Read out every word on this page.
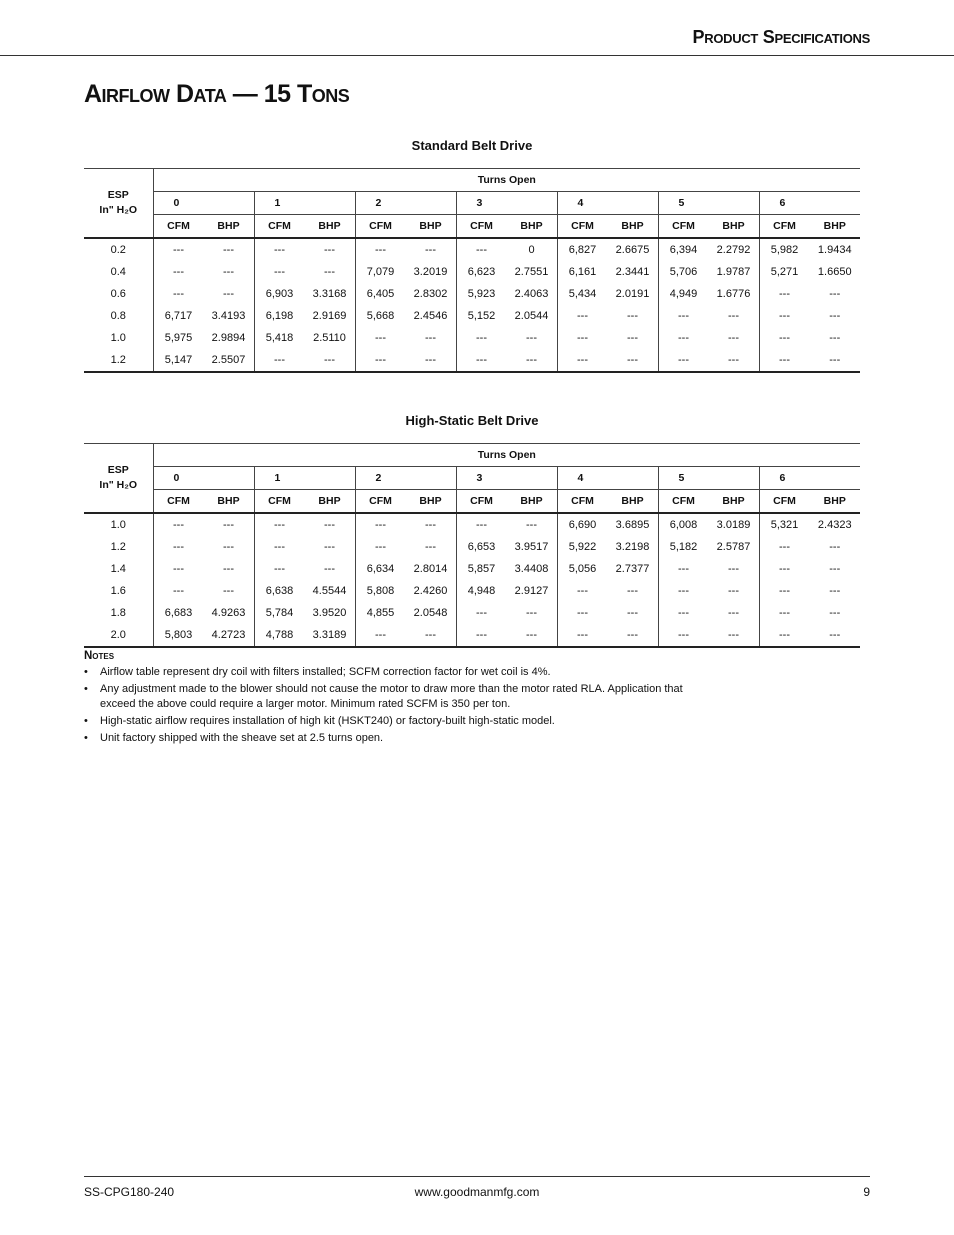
Product Specifications
Airflow Data — 15 Tons
Standard Belt Drive
ESP
In" H₂O	Turns Open													
	0		1		2		3		4		5		6	
	CFM	BHP	CFM	BHP	CFM	BHP	CFM	BHP	CFM	BHP	CFM	BHP	CFM	BHP
0.2	---	---	---	---	---	---	---	0	6,827	2.6675	6,394	2.2792	5,982	1.9434
0.4	---	---	---	---	7,079	3.2019	6,623	2.7551	6,161	2.3441	5,706	1.9787	5,271	1.6650
0.6	---	---	6,903	3.3168	6,405	2.8302	5,923	2.4063	5,434	2.0191	4,949	1.6776	---	---
0.8	6,717	3.4193	6,198	2.9169	5,668	2.4546	5,152	2.0544	---	---	---	---	---	---
1.0	5,975	2.9894	5,418	2.5110	---	---	---	---	---	---	---	---	---	---
1.2	5,147	2.5507	---	---	---	---	---	---	---	---	---	---	---	---
High-Static Belt Drive
ESP
In" H₂O	Turns Open													
	0		1		2		3		4		5		6	
	CFM	BHP	CFM	BHP	CFM	BHP	CFM	BHP	CFM	BHP	CFM	BHP	CFM	BHP
1.0	---	---	---	---	---	---	---	---	6,690	3.6895	6,008	3.0189	5,321	2.4323
1.2	---	---	---	---	---	---	6,653	3.9517	5,922	3.2198	5,182	2.5787	---	---
1.4	---	---	---	---	6,634	2.8014	5,857	3.4408	5,056	2.7377	---	---	---	---
1.6	---	---	6,638	4.5544	5,808	2.4260	4,948	2.9127	---	---	---	---	---	---
1.8	6,683	4.9263	5,784	3.9520	4,855	2.0548	---	---	---	---	---	---	---	---
2.0	5,803	4.2723	4,788	3.3189	---	---	---	---	---	---	---	---	---	---
Notes
• Airflow table represent dry coil with filters installed; SCFM correction factor for wet coil is 4%.
• Any adjustment made to the blower should not cause the motor to draw more than the motor rated RLA. Application that exceed the above could require a larger motor. Minimum rated SCFM is 350 per ton.
• High-static airflow requires installation of high kit (HSKT240) or factory-built high-static model.
• Unit factory shipped with the sheave set at 2.5 turns open.
SS-CPG180-240	www.goodmanmfg.com	9
